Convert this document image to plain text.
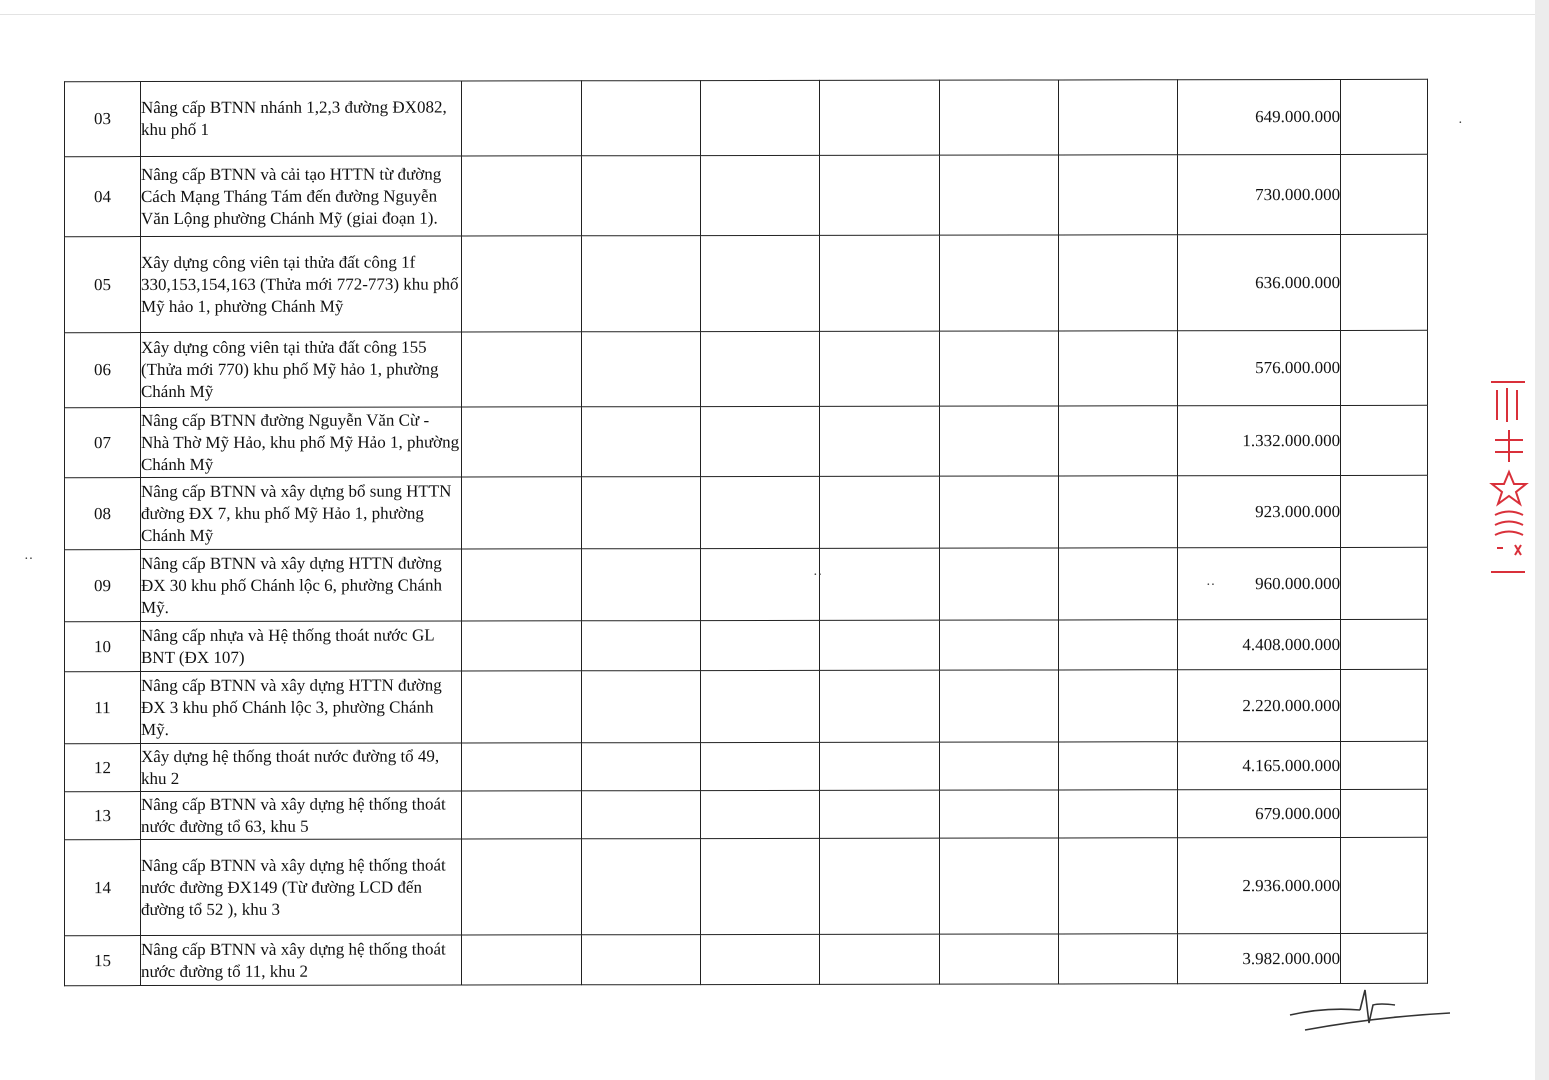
03	Nâng cấp BTNN nhánh 1,2,3 đường ĐX082, khu phố 1							649.000.000	
04	Nâng cấp BTNN và cải tạo HTTN từ đường Cách Mạng Tháng Tám đến đường Nguyễn Văn Lộng phường Chánh Mỹ (giai đoạn 1).							730.000.000	
05	Xây dựng công viên tại thửa đất công 1f 330,153,154,163 (Thửa mới 772-773) khu phố Mỹ hảo 1, phường Chánh Mỹ							636.000.000	
06	Xây dựng công viên tại thửa đất công 155 (Thửa mới 770) khu phố Mỹ hảo 1, phường Chánh Mỹ							576.000.000	
07	Nâng cấp BTNN đường Nguyễn Văn Cừ - Nhà Thờ Mỹ Hảo, khu phố Mỹ Hảo 1, phường Chánh Mỹ							1.332.000.000	
08	Nâng cấp BTNN và xây dựng bổ sung HTTN đường ĐX 7, khu phố Mỹ Hảo 1, phường Chánh Mỹ							923.000.000	
09	Nâng cấp BTNN và xây dựng HTTN đường ĐX 30 khu phố Chánh lộc 6, phường Chánh Mỹ.							960.000.000	
10	Nâng cấp nhựa và Hệ thống thoát nước GL BNT (ĐX 107)							4.408.000.000	
11	Nâng cấp BTNN và xây dựng HTTN đường ĐX 3 khu phố Chánh lộc 3, phường Chánh Mỹ.							2.220.000.000	
12	Xây dựng hệ thống thoát nước đường tổ 49, khu 2							4.165.000.000	
13	Nâng cấp BTNN và xây dựng hệ thống thoát nước đường tổ 63, khu 5							679.000.000	
14	Nâng cấp BTNN và xây dựng hệ thống thoát nước đường ĐX149 (Từ đường LCD đến đường tổ 52 ), khu 3							2.936.000.000	
15	Nâng cấp BTNN và xây dựng hệ thống thoát nước đường tổ 11, khu 2							3.982.000.000	
··
··
··
·
